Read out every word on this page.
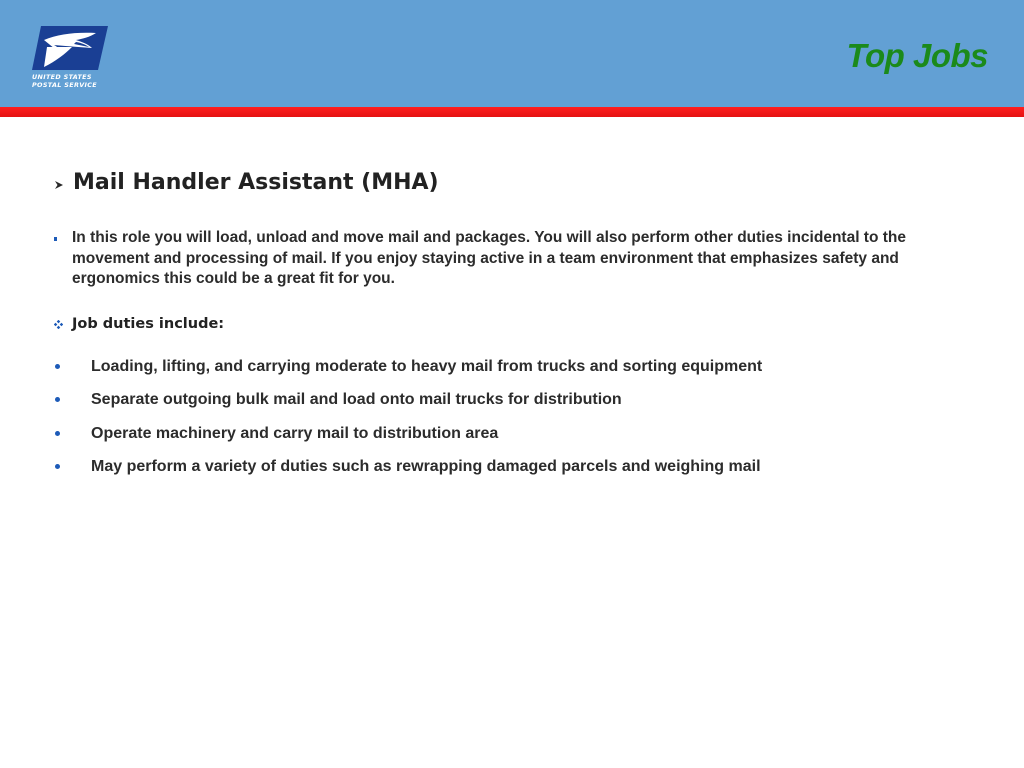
UNITED STATES
POSTAL SERVICE
Top Jobs
Mail Handler Assistant (MHA)
In this role you will load, unload and move mail and packages. You will also perform other duties incidental to the movement and processing of mail. If you enjoy staying active in a team environment that emphasizes safety and ergonomics this could be a great fit for you.
Job duties include:
Loading, lifting, and carrying moderate to heavy mail from trucks and sorting equipment
Separate outgoing bulk mail and load onto mail trucks for distribution
Operate machinery and carry mail to distribution area
May perform a variety of duties such as rewrapping damaged parcels and weighing mail
